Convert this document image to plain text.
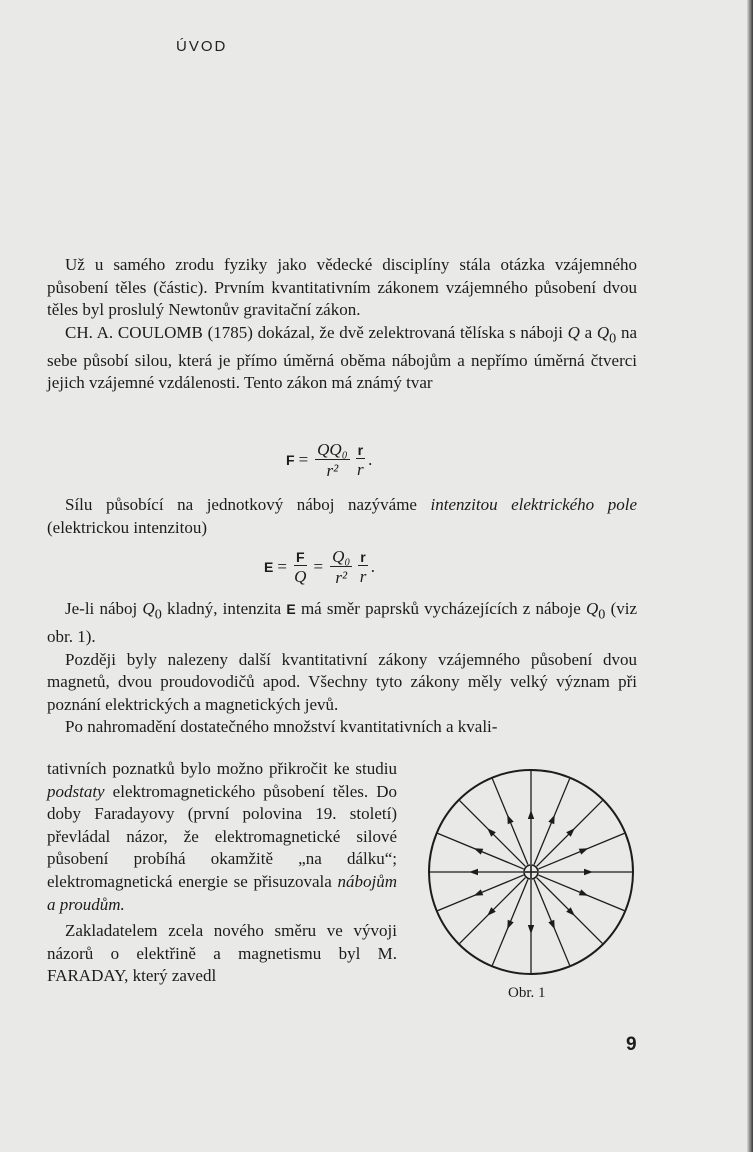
ÚVOD

Už u samého zrodu fyziky jako vědecké disciplíny stála otázka vzájemného působení těles (částic). Prvním kvantitativním zákonem vzájemného působení dvou těles byl proslulý Newtonův gravitační zákon.

CH. A. COULOMB (1785) dokázal, že dvě zelektrovaná tělíska s náboji Q a $Q_0$ na sebe působí silou, která je přímo úměrná oběma nábojům a nepřímo úměrná čtverci jejich vzájemné vzdálenosti. Tento zákon má známý tvar

$F = \frac{\text{QQ₀}}{\text{r²}} \frac{r}{r}$ .

Sílu působící na jednotkový náboj nazýváme intenzitou elektrického pole (elektrickou intenzitou)

$E = \frac{F}{Q} = \frac{\text{Q₀}}{\text{r²}} \frac{r}{r}$ .

Je-li náboj $Q_0$ kladný, intenzita E má směr paprsků vycházejících z náboje $Q_0$ (viz obr. 1).

Později byly nalezeny další kvantitativní zákony vzájemného působení dvou magnetů, dvou proudovodičů apod. Všechny tyto zákony měly velký význam při poznání elektrických a magnetických jevů.

Po nahromadění dostatečného množství kvantitativních a kvali-

tativních poznatků bylo možno přikročit ke studiu podstaty elektromagnetického působení těles. Do doby Faradayovy (první polovina 19. století) převládal názor, že elektromagnetické silové působení probíhá okamžitě „na dálku“; elektromagnetická energie se přisuzovala nábojům a proudům.

Zakladatelem zcela nového směru ve vývoji názorů o elektřině a magnetismu byl M. FARADAY, který zavedl

Obr. 1
9
